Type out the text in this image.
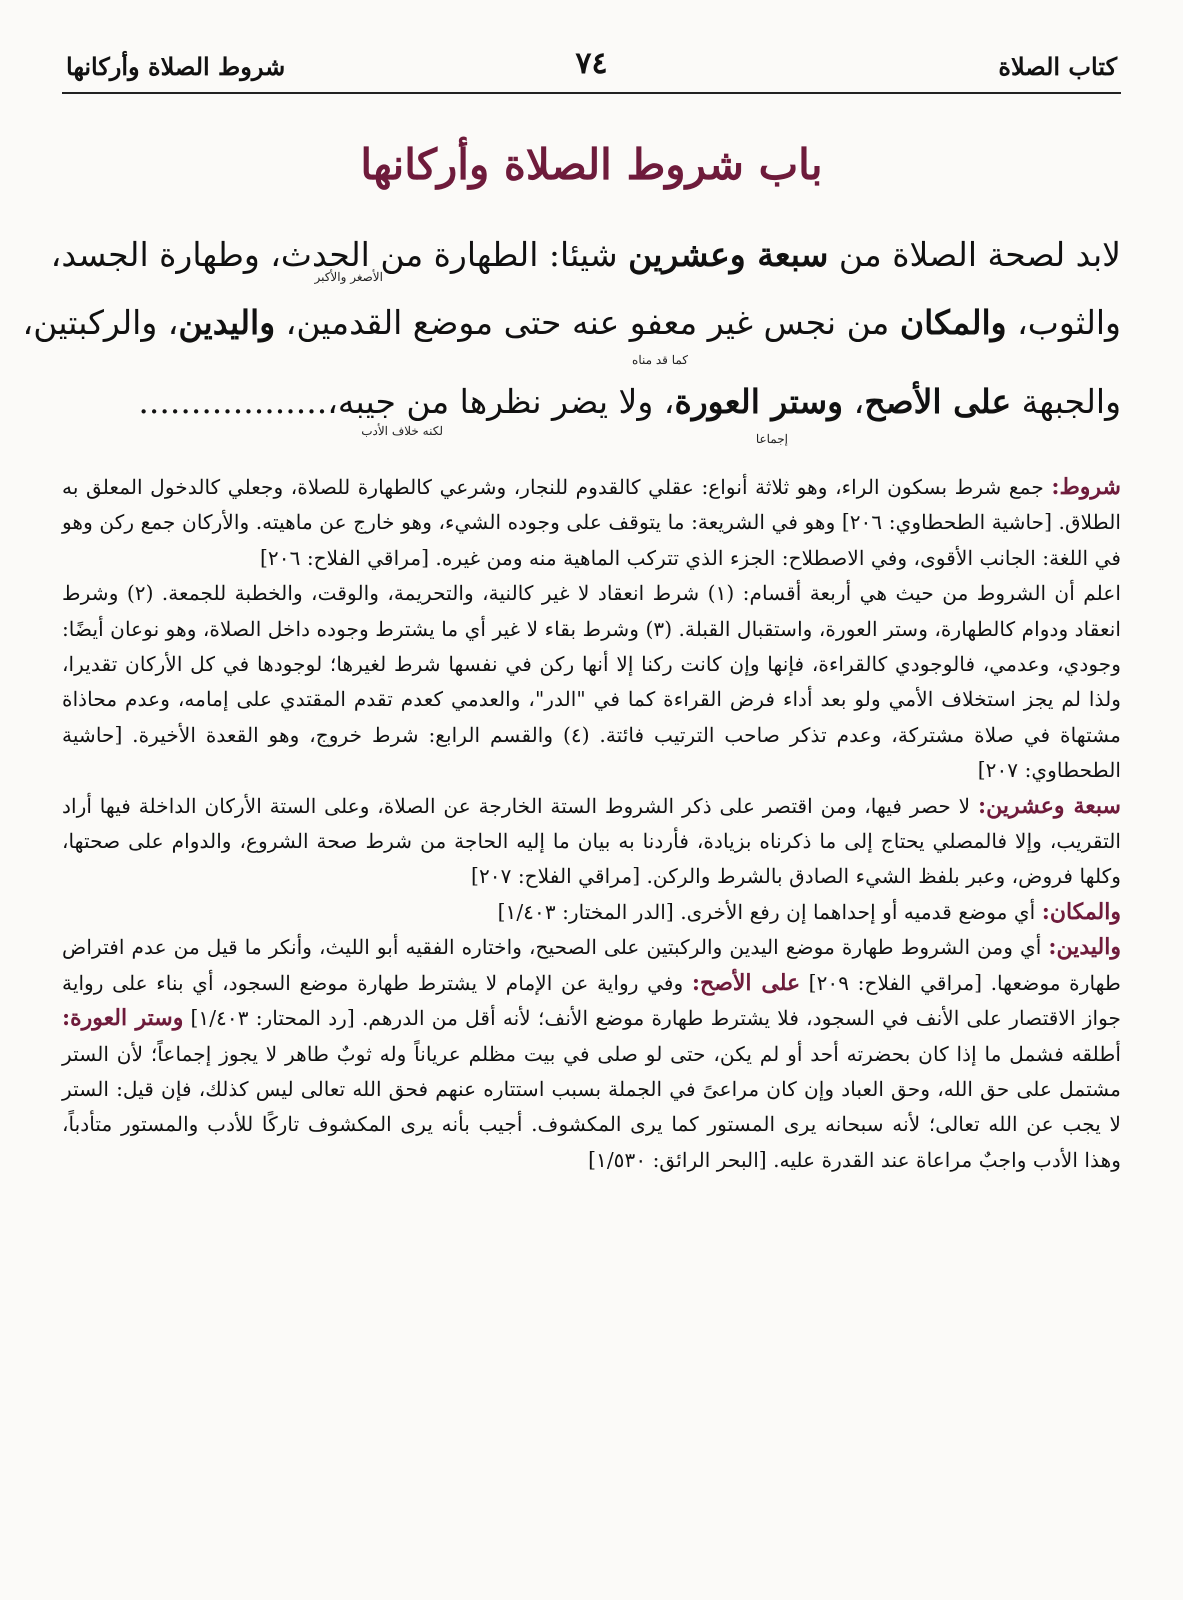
كتاب الصلاة
٧٤
شروط الصلاة وأركانها
باب شروط الصلاة وأركانها
لابد لصحة الصلاة من سبعة وعشرين شيئا: الطهارة من الحدث، وطهارة الجسد،
الأصغر والأكبر
والثوب، والمكان من نجس غير معفو عنه حتى موضع القدمين، واليدين، والركبتين،
كما قد مناه
والجبهة على الأصح، وستر العورة، ولا يضر نظرها من جيبه،..................
لكنه خلاف الأدب
إجماعا

شروط: جمع شرط بسكون الراء، وهو ثلاثة أنواع: عقلي كالقدوم للنجار، وشرعي كالطهارة للصلاة، وجعلي كالدخول المعلق به الطلاق. [حاشية الطحطاوي: ٢٠٦] وهو في الشريعة: ما يتوقف على وجوده الشيء، وهو خارج عن ماهيته. والأركان جمع ركن وهو في اللغة: الجانب الأقوى، وفي الاصطلاح: الجزء الذي تتركب الماهية منه ومن غيره. [مراقي الفلاح: ٢٠٦]

اعلم أن الشروط من حيث هي أربعة أقسام: (١) شرط انعقاد لا غير كالنية، والتحريمة، والوقت، والخطبة للجمعة. (٢) وشرط انعقاد ودوام كالطهارة، وستر العورة، واستقبال القبلة. (٣) وشرط بقاء لا غير أي ما يشترط وجوده داخل الصلاة، وهو نوعان أيضًا: وجودي، وعدمي، فالوجودي كالقراءة، فإنها وإن كانت ركنا إلا أنها ركن في نفسها شرط لغيرها؛ لوجودها في كل الأركان تقديرا، ولذا لم يجز استخلاف الأمي ولو بعد أداء فرض القراءة كما في "الدر"، والعدمي كعدم تقدم المقتدي على إمامه، وعدم محاذاة مشتهاة في صلاة مشتركة، وعدم تذكر صاحب الترتيب فائتة. (٤) والقسم الرابع: شرط خروج، وهو القعدة الأخيرة. [حاشية الطحطاوي: ٢٠٧]

سبعة وعشرين: لا حصر فيها، ومن اقتصر على ذكر الشروط الستة الخارجة عن الصلاة، وعلى الستة الأركان الداخلة فيها أراد التقريب، وإلا فالمصلي يحتاج إلى ما ذكرناه بزيادة، فأردنا به بيان ما إليه الحاجة من شرط صحة الشروع، والدوام على صحتها، وكلها فروض، وعبر بلفظ الشيء الصادق بالشرط والركن. [مراقي الفلاح: ٢٠٧]

والمكان: أي موضع قدميه أو إحداهما إن رفع الأخرى. [الدر المختار: ١/٤٠٣]

واليدين: أي ومن الشروط طهارة موضع اليدين والركبتين على الصحيح، واختاره الفقيه أبو الليث، وأنكر ما قيل من عدم افتراض طهارة موضعها. [مراقي الفلاح: ٢٠٩] على الأصح: وفي رواية عن الإمام لا يشترط طهارة موضع السجود، أي بناء على رواية جواز الاقتصار على الأنف في السجود، فلا يشترط طهارة موضع الأنف؛ لأنه أقل من الدرهم. [رد المحتار: ١/٤٠٣] وستر العورة: أطلقه فشمل ما إذا كان بحضرته أحد أو لم يكن، حتى لو صلى في بيت مظلم عرياناً وله ثوبٌ طاهر لا يجوز إجماعاً؛ لأن الستر مشتمل على حق الله، وحق العباد وإن كان مراعىً في الجملة بسبب استتاره عنهم فحق الله تعالى ليس كذلك، فإن قيل: الستر لا يجب عن الله تعالى؛ لأنه سبحانه يرى المستور كما يرى المكشوف. أجيب بأنه يرى المكشوف تاركًا للأدب والمستور متأدباً، وهذا الأدب واجبٌ مراعاة عند القدرة عليه. [البحر الرائق: ١/٥٣٠]
